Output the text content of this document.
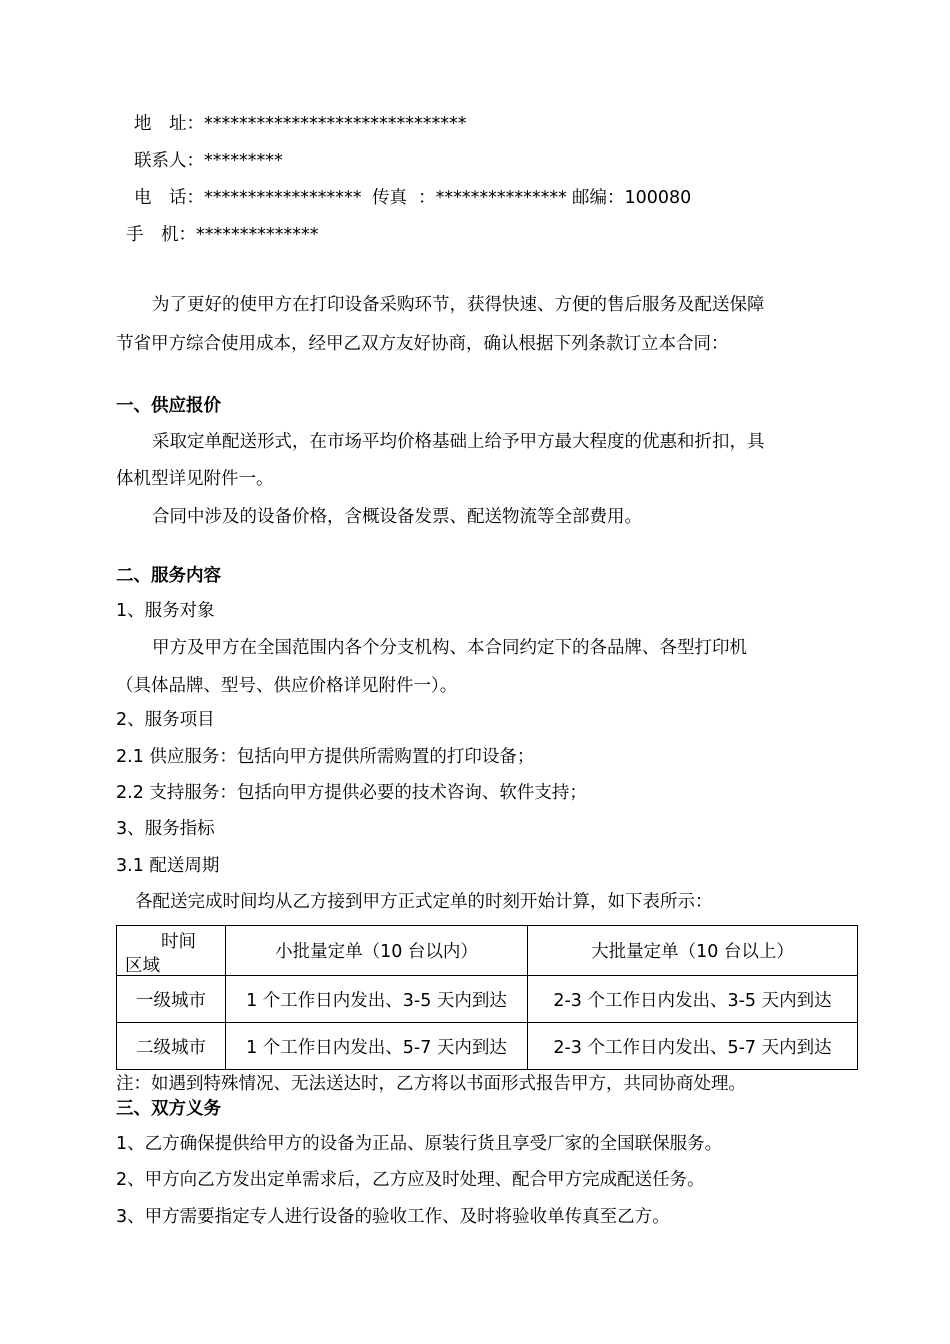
地　址：******************************
联系人：*********
电　话：****************** 传真  ：*************** 邮编：100080
手　机：**************
为了更好的使甲方在打印设备采购环节，获得快速、方便的售后服务及配送保障
节省甲方综合使用成本，经甲乙双方友好协商，确认根据下列条款订立本合同：
一、供应报价
采取定单配送形式，在市场平均价格基础上给予甲方最大程度的优惠和折扣，具
体机型详见附件一。
合同中涉及的设备价格，含概设备发票、配送物流等全部费用。
二、服务内容
1、服务对象
甲方及甲方在全国范围内各个分支机构、本合同约定下的各品牌、各型打印机
（具体品牌、型号、供应价格详见附件一）。
2、服务项目
2.1 供应服务：包括向甲方提供所需购置的打印设备；
2.2 支持服务：包括向甲方提供必要的技术咨询、软件支持；
3、服务指标
3.1 配送周期
各配送完成时间均从乙方接到甲方正式定单的时刻开始计算，如下表所示：
时间
区域	小批量定单（10 台以内）	大批量定单（10 台以上）
一级城市	1 个工作日内发出、3-5 天内到达	2-3 个工作日内发出、3-5 天内到达
二级城市	1 个工作日内发出、5-7 天内到达	2-3 个工作日内发出、5-7 天内到达
注：如遇到特殊情况、无法送达时，乙方将以书面形式报告甲方，共同协商处理。
三、双方义务
1、乙方确保提供给甲方的设备为正品、原装行货且享受厂家的全国联保服务。
2、甲方向乙方发出定单需求后，乙方应及时处理、配合甲方完成配送任务。
3、甲方需要指定专人进行设备的验收工作、及时将验收单传真至乙方。
